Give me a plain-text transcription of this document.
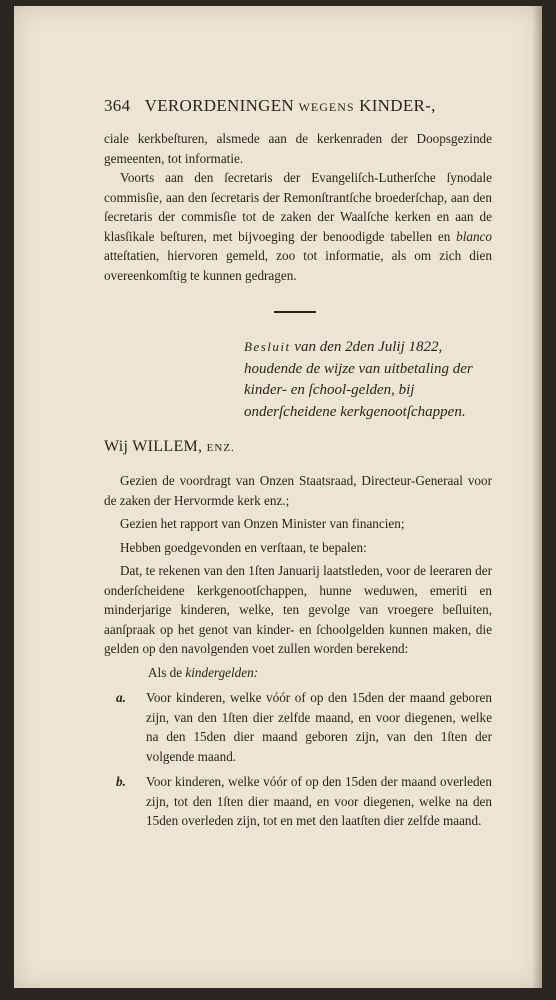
364 VERORDENINGEN WEGENS KINDER-,

ciale kerkbeſturen, alsmede aan de kerkenraden der Doopsgezinde gemeenten, tot informatie.

Voorts aan den ſecretaris der Evangeliſch-Lutherſche ſynodale commisſie, aan den ſecretaris der Remonſtrantſche broederſchap, aan den ſecretaris der commisſie tot de zaken der Waalſche kerken en aan de klasſikale beſturen, met bijvoeging der benoodigde tabellen en blanco atteſtatien, hiervoren gemeld, zoo tot informatie, als om zich dien overeenkomſtig te kunnen gedragen.

Besluit van den 2den Julij 1822, houdende de wijze van uitbetaling der kinder- en ſchool-gelden, bij onderſcheidene kerkgenootſchappen.
Wij WILLEM, ENZ.

Gezien de voordragt van Onzen Staatsraad, Directeur-Generaal voor de zaken der Hervormde kerk enz.;

Gezien het rapport van Onzen Minister van financien;

Hebben goedgevonden en verſtaan, te bepalen:

Dat, te rekenen van den 1ſten Januarij laatstleden, voor de leeraren der onderſcheidene kerkgenootſchappen, hunne weduwen, emeriti en minderjarige kinderen, welke, ten gevolge van vroegere beſluiten, aanſpraak op het genot van kinder- en ſchoolgelden kunnen maken, die gelden op den navolgenden voet zullen worden berekend:

Als de kindergelden:

a. Voor kinderen, welke vóór of op den 15den der maand geboren zijn, van den 1ſten dier zelfde maand, en voor diegenen, welke na den 15den dier maand geboren zijn, van den 1ſten der volgende maand.
b. Voor kinderen, welke vóór of op den 15den der maand overleden zijn, tot den 1ſten dier maand, en voor diegenen, welke na den 15den overleden zijn, tot en met den laatſten dier zelfde maand.
